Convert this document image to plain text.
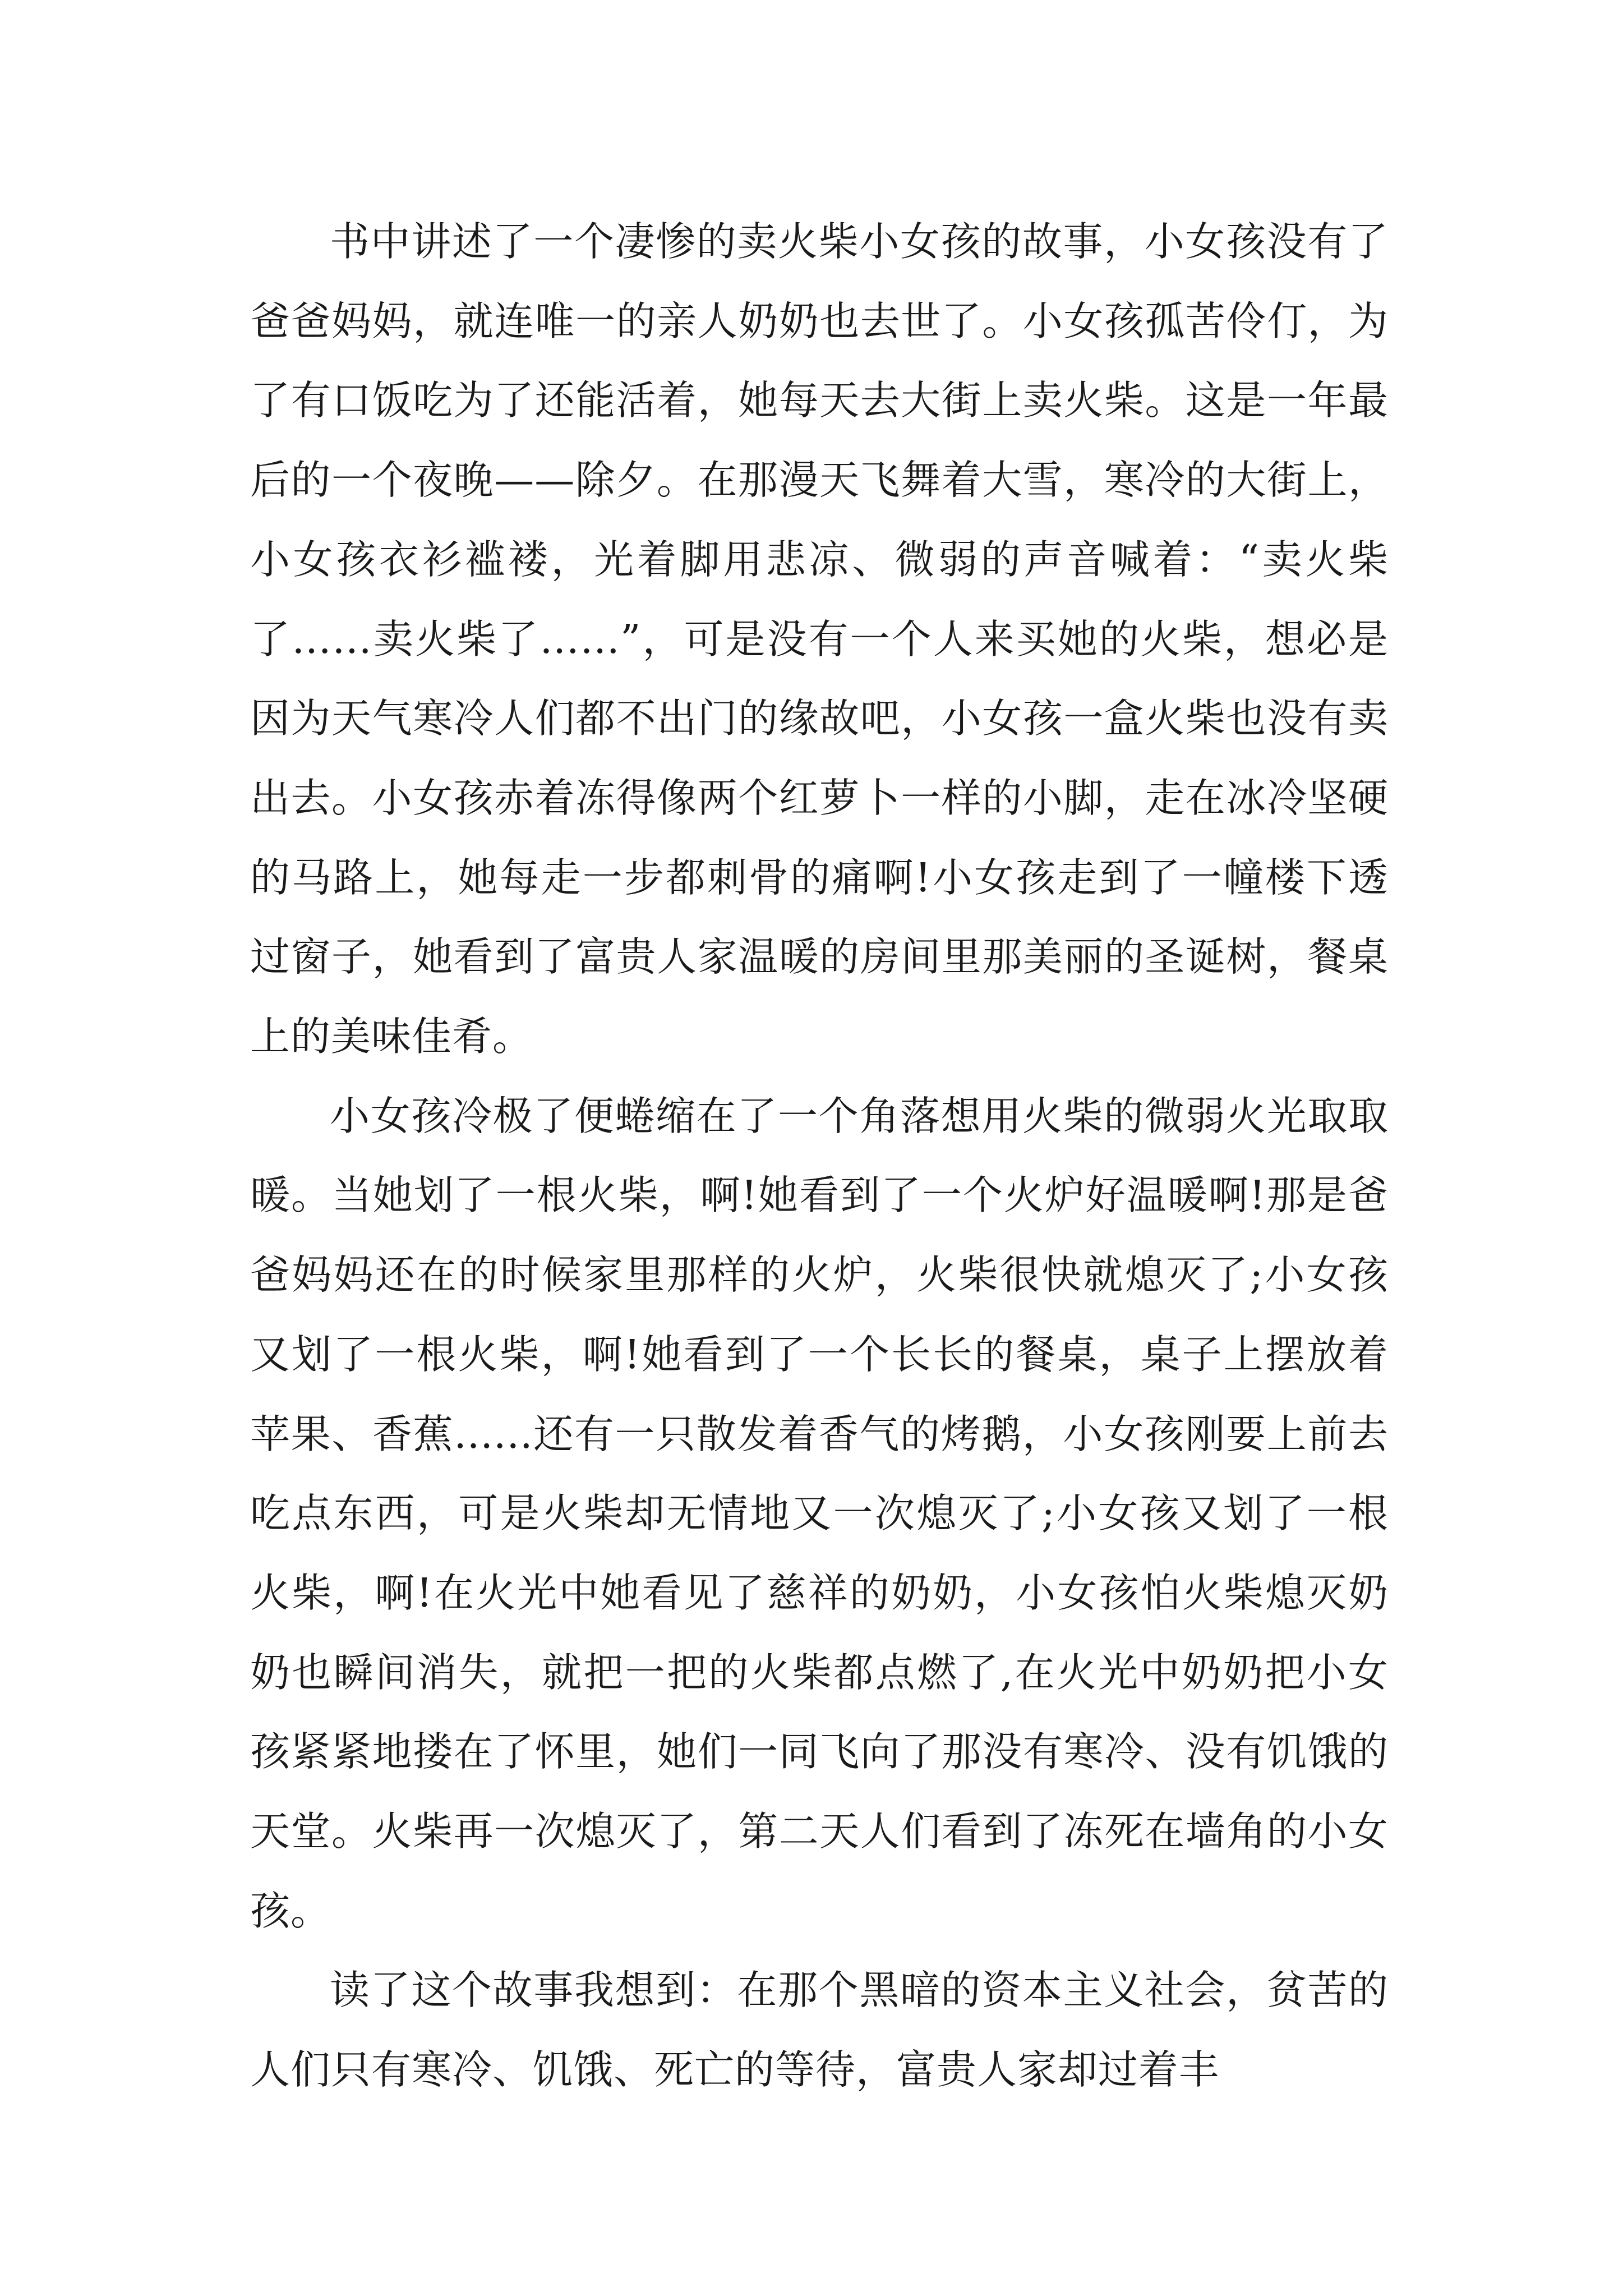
书中讲述了一个凄惨的卖火柴小女孩的故事，小女孩没有了爸爸妈妈，就连唯一的亲人奶奶也去世了。小女孩孤苦伶仃，为了有口饭吃为了还能活着，她每天去大街上卖火柴。这是一年最后的一个夜晚——除夕。在那漫天飞舞着大雪，寒冷的大街上，小女孩衣衫褴褛，光着脚用悲凉、微弱的声音喊着：“卖火柴了……卖火柴了……”，可是没有一个人来买她的火柴，想必是因为天气寒冷人们都不出门的缘故吧，小女孩一盒火柴也没有卖出去。小女孩赤着冻得像两个红萝卜一样的小脚，走在冰冷坚硬的马路上，她每走一步都刺骨的痛啊!小女孩走到了一幢楼下透过窗子，她看到了富贵人家温暖的房间里那美丽的圣诞树，餐桌上的美味佳肴。

小女孩冷极了便蜷缩在了一个角落想用火柴的微弱火光取取暖。当她划了一根火柴，啊!她看到了一个火炉好温暖啊!那是爸爸妈妈还在的时候家里那样的火炉，火柴很快就熄灭了;小女孩又划了一根火柴，啊!她看到了一个长长的餐桌，桌子上摆放着苹果、香蕉......还有一只散发着香气的烤鹅，小女孩刚要上前去吃点东西，可是火柴却无情地又一次熄灭了;小女孩又划了一根火柴，啊!在火光中她看见了慈祥的奶奶，小女孩怕火柴熄灭奶奶也瞬间消失，就把一把的火柴都点燃了,在火光中奶奶把小女孩紧紧地搂在了怀里，她们一同飞向了那没有寒冷、没有饥饿的天堂。火柴再一次熄灭了，第二天人们看到了冻死在墙角的小女孩。

读了这个故事我想到：在那个黑暗的资本主义社会，贫苦的人们只有寒冷、饥饿、死亡的等待，富贵人家却过着丰
